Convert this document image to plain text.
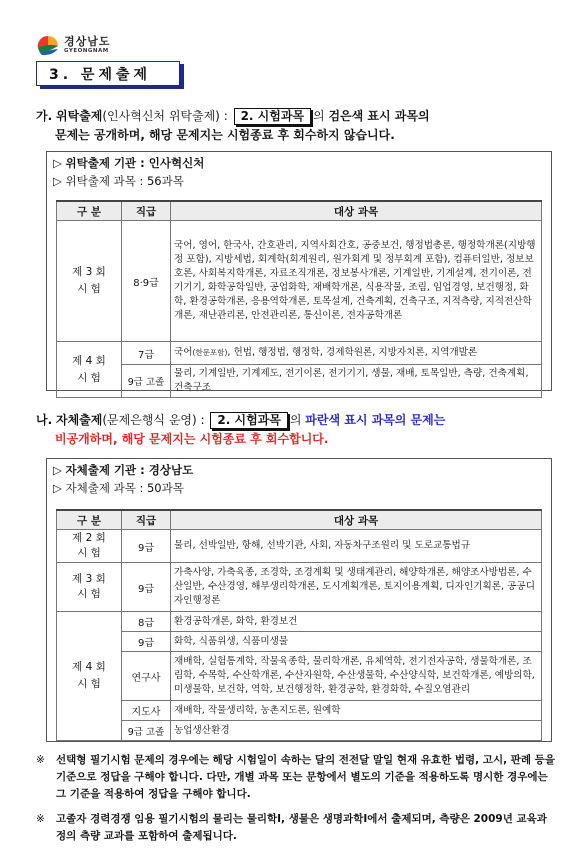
경상남도
GYEONGNAM
3. 문제출제
가. 위탁출제(인사혁신처 위탁출제) : 2. 시험과목 의 검은색 표시 과목의
문제는 공개하며, 해당 문제지는 시험종료 후 회수하지 않습니다.
▷ 위탁출제 기관 : 인사혁신처
▷ 위탁출제 과목 : 56과목
구 분	직급	대상 과목
제 3 회
시 험	8·9급	국어, 영어, 한국사, 간호관리, 지역사회간호, 공중보건, 행정법총론, 행정학개론(지방행정 포함), 지방세법, 회계학(회계원리, 원가회계 및 정부회계 포함), 컴퓨터일반, 정보보호론, 사회복지학개론, 자료조직개론, 정보봉사개론, 기계일반, 기계설계, 전기이론, 전기기기, 화학공학일반, 공업화학, 재배학개론, 식용작물, 조림, 임업경영, 보건행정, 화학, 환경공학개론, 응용역학개론, 토목설계, 건축계획, 건축구조, 지적측량, 지적전산학개론, 재난관리론, 안전관리론, 통신이론, 전자공학개론
제 4 회
시 험	7급	국어(한문포함), 헌법, 행정법, 행정학, 경제학원론, 지방자치론, 지역개발론
	9급 고졸	물리, 기계일반, 기계제도, 전기이론, 전기기기, 생물, 재배, 토목일반, 측량, 건축계획, 건축구조
나. 자체출제(문제은행식 운영) : 2. 시험과목 의 파란색 표시 과목의 문제는
비공개하며, 해당 문제지는 시험종료 후 회수합니다.
▷ 자체출제 기관 : 경상남도
▷ 자체출제 과목 : 50과목
구 분	직급	대상 과목
제 2 회
시 험	9급	물리, 선박일반, 항해, 선박기관, 사회, 자동차구조원리 및 도로교통법규
제 3 회
시 험	9급	가축사양, 가축육종, 조경학, 조경계획 및 생태계관리, 해양학개론, 해양조사방법론, 수산일반, 수산경영, 해부생리학개론, 도시계획개론, 토지이용계획, 디자인기획론, 공공디자인행정론
제 4 회
시 험	8급	환경공학개론, 화학, 환경보건
	9급	화학, 식품위생, 식품미생물
	연구사	재배학, 실험통계학, 작물육종학, 물리학개론, 유체역학, 전기전자공학, 생물학개론, 조림학, 수목학, 수산학개론, 수산자원학, 수산생물학, 수산양식학, 보건학개론, 예방의학, 미생물학, 보건학, 역학, 보건행정학, 환경공학, 환경화학, 수질오염관리
	지도사	재배학, 작물생리학, 농촌지도론, 원예학
	9급 고졸	농업생산환경
※	선택형 필기시험 문제의 경우에는 해당 시험일이 속하는 달의 전전달 말일 현재 유효한 법령, 고시, 판례 등을 기준으로 정답을 구해야 합니다. 다만, 개별 과목 또는 문항에서 별도의 기준을 적용하도록 명시한 경우에는 그 기준을 적용하여 정답을 구해야 합니다.
※	고졸자 경력경쟁 임용 필기시험의 물리는 물리학Ⅰ, 생물은 생명과학Ⅰ에서 출제되며, 측량은 2009년 교육과정의 측량 교과를 포함하여 출제됩니다.
